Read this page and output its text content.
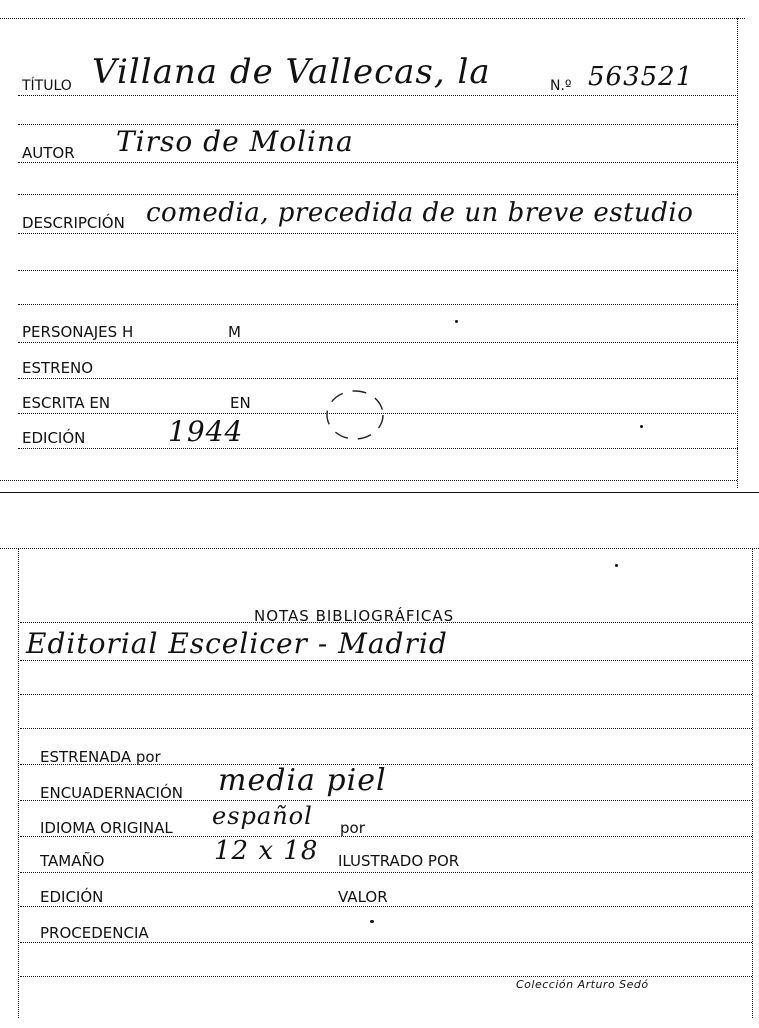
TÍTULO Villana de Vallecas, la	N.º 563521
AUTOR Tirso de Molina
DESCRIPCIÓN comedia, precedida de un breve estudio
PERSONAJES H	M
ESTRENO
ESCRITA EN	EN
EDICIÓN	1944
NOTAS BIBLIOGRÁFICAS
Editorial Escelicer - Madrid
ESTRENADA por
ENCUADERNACIÓN media piel
IDIOMA ORIGINAL español por
TAMAÑO	12 x 18 ILUSTRADO POR
EDICIÓN	VALOR
PROCEDENCIA
Colección Arturo Sedó
